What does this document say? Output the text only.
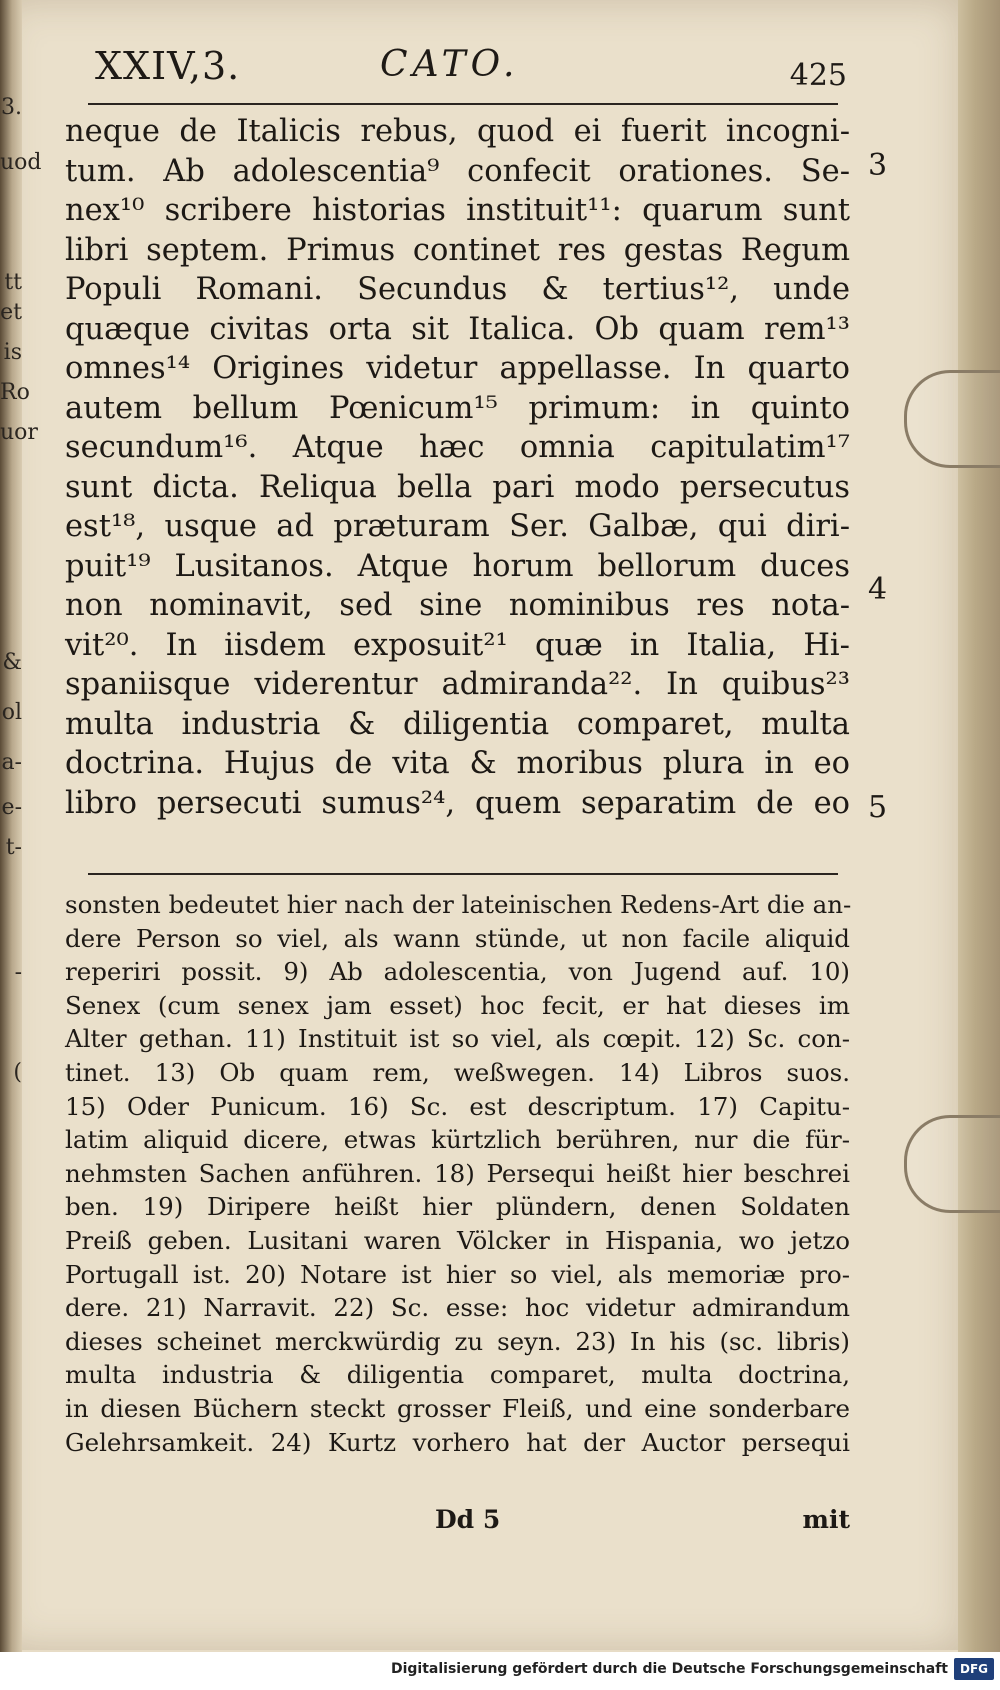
3.
uod
tt
et
is
Ro
uor
&
ol
a-
e-
t-
-
(
XXIV,3.	CATO.	425
neque de Italicis rebus, quod ei fuerit incogni-
tum. Ab adolescentia⁹ confecit orationes. Se-
nex¹⁰ scribere historias instituit¹¹: quarum sunt
libri septem. Primus continet res gestas Regum
Populi Romani. Secundus & tertius¹², unde
quæque civitas orta sit Italica. Ob quam rem¹³
omnes¹⁴ Origines videtur appellasse. In quarto
autem bellum Pœnicum¹⁵ primum: in quinto
secundum¹⁶. Atque hæc omnia capitulatim¹⁷
sunt dicta. Reliqua bella pari modo persecutus
est¹⁸, usque ad præturam Ser. Galbæ, qui diri-
puit¹⁹ Lusitanos. Atque horum bellorum duces
non nominavit, sed sine nominibus res nota-
vit²⁰. In iisdem exposuit²¹ quæ in Italia, Hi-
spaniisque viderentur admiranda²². In quibus²³
multa industria & diligentia comparet, multa
doctrina. Hujus de vita & moribus plura in eo
libro persecuti sumus²⁴, quem separatim de eo
3
4
5
sonsten bedeutet hier nach der lateinischen Redens-Art die an-
dere Person so viel, als wann stünde, ut non facile aliquid
reperiri possit. 9) Ab adolescentia, von Jugend auf. 10)
Senex (cum senex jam esset) hoc fecit, er hat dieses im
Alter gethan. 11) Instituit ist so viel, als cœpit. 12) Sc. con-
tinet. 13) Ob quam rem, weßwegen. 14) Libros suos.
15) Oder Punicum. 16) Sc. est descriptum. 17) Capitu-
latim aliquid dicere, etwas kürtzlich berühren, nur die für-
nehmsten Sachen anführen. 18) Persequi heißt hier beschrei
ben. 19) Diripere heißt hier plündern, denen Soldaten
Preiß geben. Lusitani waren Völcker in Hispania, wo jetzo
Portugall ist. 20) Notare ist hier so viel, als memoriæ pro-
dere. 21) Narravit. 22) Sc. esse: hoc videtur admirandum
dieses scheinet merckwürdig zu seyn. 23) In his (sc. libris)
multa industria & diligentia comparet, multa doctrina,
in diesen Büchern steckt grosser Fleiß, und eine sonderbare
Gelehrsamkeit. 24) Kurtz vorhero hat der Auctor persequi
Dd 5	mit
Digitalisierung gefördert durch die Deutsche Forschungsgemeinschaft DFG
